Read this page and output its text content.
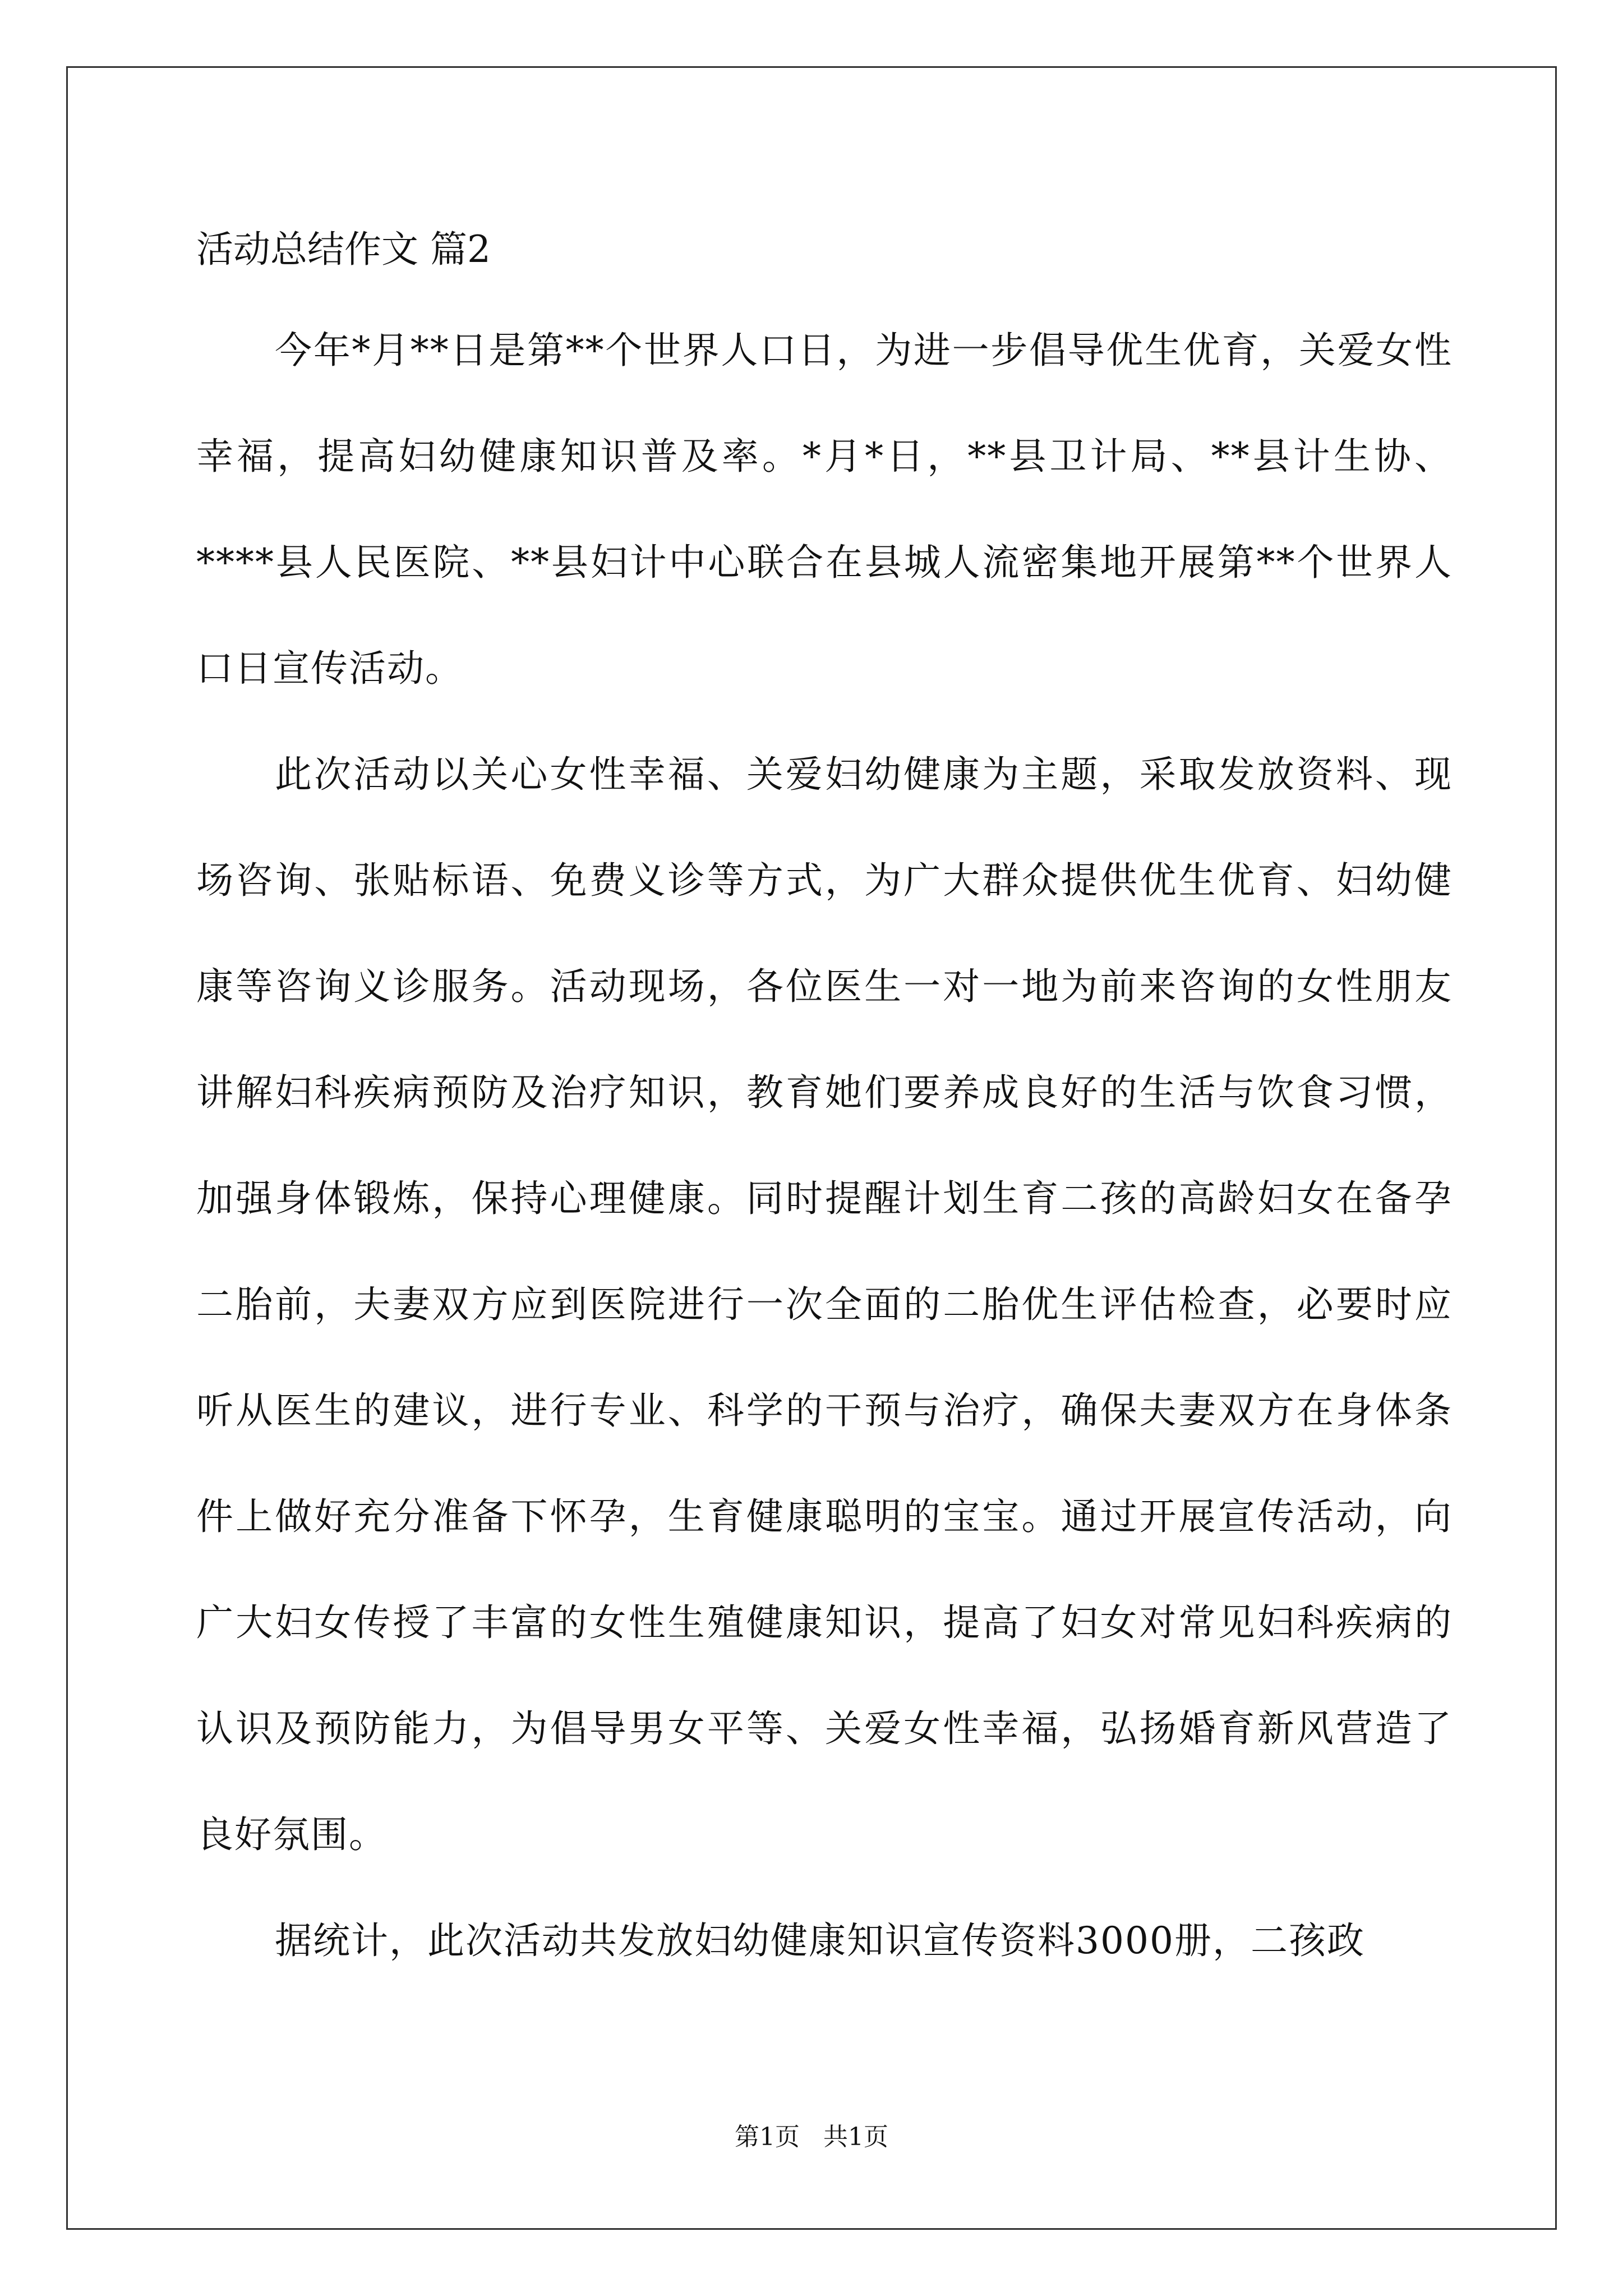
活动总结作文 篇2

今年*月**日是第**个世界人口日，为进一步倡导优生优育，关爱女性幸福，提高妇幼健康知识普及率。*月*日，**县卫计局、**县计生协、****县人民医院、**县妇计中心联合在县城人流密集地开展第**个世界人口日宣传活动。

此次活动以关心女性幸福、关爱妇幼健康为主题，采取发放资料、现场咨询、张贴标语、免费义诊等方式，为广大群众提供优生优育、妇幼健康等咨询义诊服务。活动现场，各位医生一对一地为前来咨询的女性朋友讲解妇科疾病预防及治疗知识，教育她们要养成良好的生活与饮食习惯，加强身体锻炼，保持心理健康。同时提醒计划生育二孩的高龄妇女在备孕二胎前，夫妻双方应到医院进行一次全面的二胎优生评估检查，必要时应听从医生的建议，进行专业、科学的干预与治疗，确保夫妻双方在身体条件上做好充分准备下怀孕，生育健康聪明的宝宝。通过开展宣传活动，向广大妇女传授了丰富的女性生殖健康知识，提高了妇女对常见妇科疾病的认识及预防能力，为倡导男女平等、关爱女性幸福，弘扬婚育新风营造了良好氛围。

据统计，此次活动共发放妇幼健康知识宣传资料3000册，二孩政

第1页 共1页
